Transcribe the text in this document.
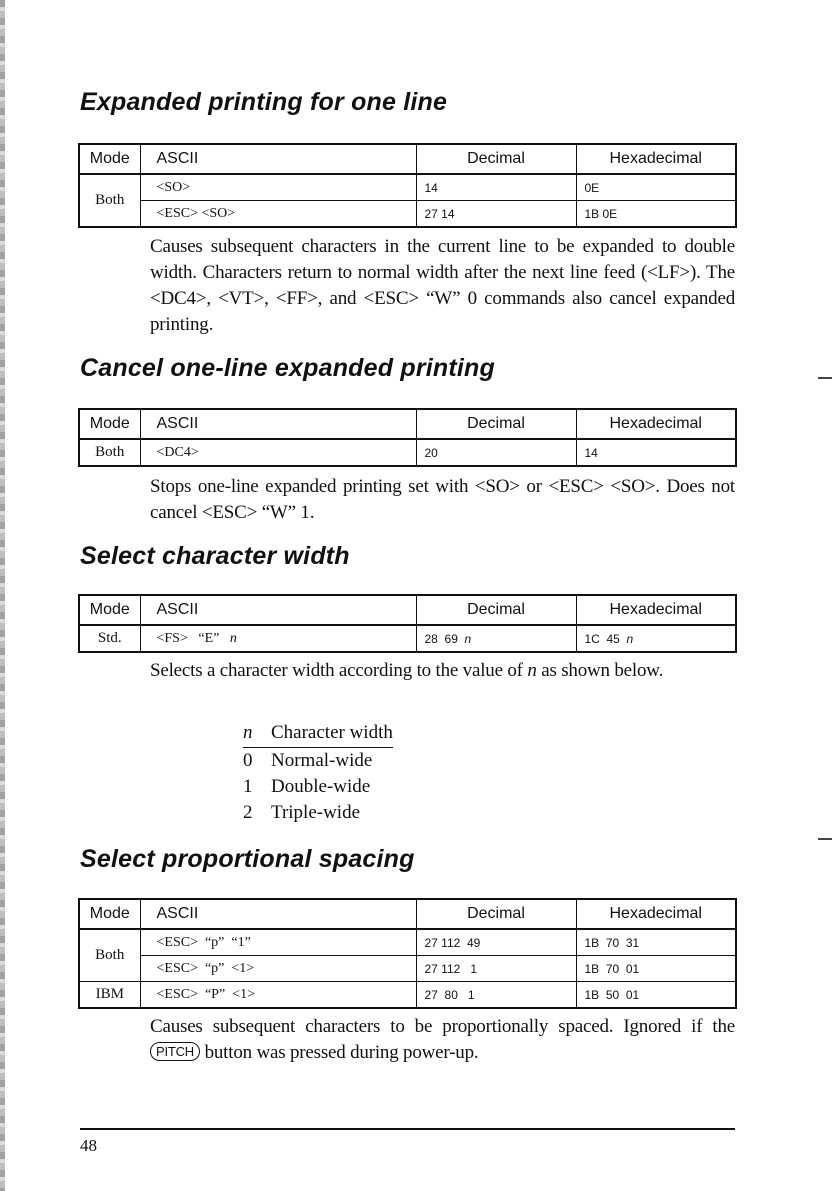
Expanded printing for one line
Mode	ASCII	Decimal	Hexadecimal
Both	<SO>	14	0E
	<ESC> <SO>	27 14	1B 0E

Causes subsequent characters in the current line to be expanded to double width. Characters return to normal width after the next line feed (<LF>). The <DC4>, <VT>, <FF>, and <ESC> “W” 0 commands also cancel expanded printing.

Cancel one-line expanded printing
Mode	ASCII	Decimal	Hexadecimal
Both	<DC4>	20	14

Stops one-line expanded printing set with <SO> or <ESC> <SO>. Does not cancel <ESC> “W” 1.

Select character width
Mode	ASCII	Decimal	Hexadecimal
Std.	<FS>   “E”   n	28  69  n	1C  45  n

Selects a character width according to the value of n as shown below.

n Character width
0 Normal-wide
1 Double-wide
2 Triple-wide
Select proportional spacing
Mode	ASCII	Decimal	Hexadecimal
Both	<ESC>  “p”  “1”	27 112  49	1B  70  31
	<ESC>  “p”  <1>	27 112   1	1B  70  01
IBM	<ESC>  “P”  <1>	27  80   1	1B  50  01

Causes subsequent characters to be proportionally spaced. Ignored if the PITCH button was pressed during power-up.

48
